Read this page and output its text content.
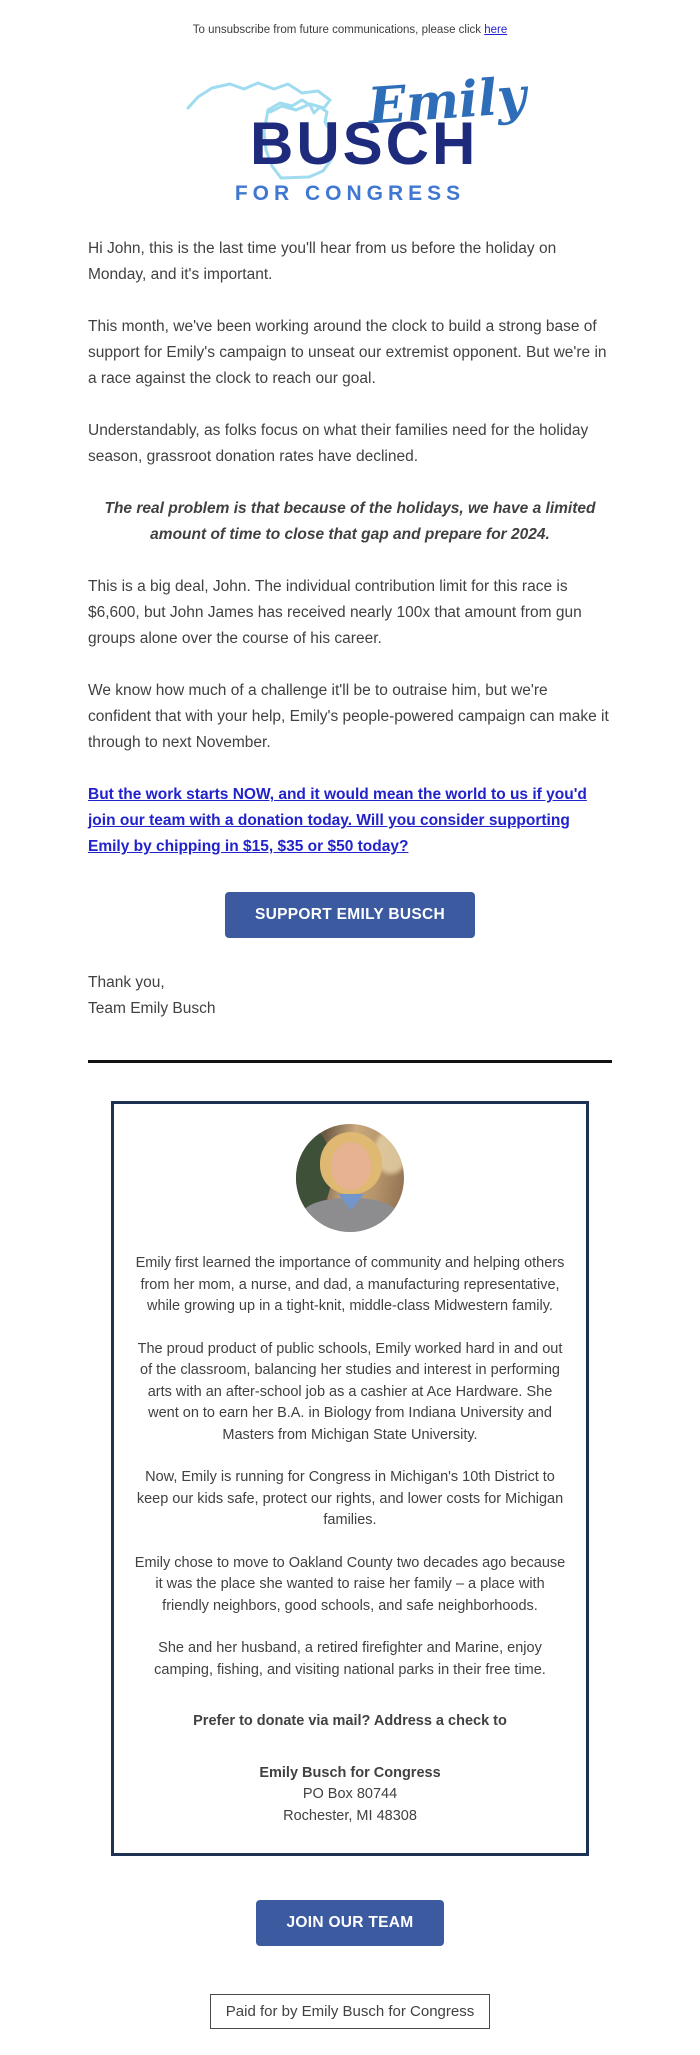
To unsubscribe from future communications, please click here
Emily
BUSCH
FOR CONGRESS

Hi John, this is the last time you'll hear from us before the holiday on Monday, and it's important.

This month, we've been working around the clock to build a strong base of support for Emily's campaign to unseat our extremist opponent. But we're in a race against the clock to reach our goal.

Understandably, as folks focus on what their families need for the holiday season, grassroot donation rates have declined.

The real problem is that because of the holidays, we have a limited amount of time to close that gap and prepare for 2024.

This is a big deal, John. The individual contribution limit for this race is $6,600, but John James has received nearly 100x that amount from gun groups alone over the course of his career.

We know how much of a challenge it'll be to outraise him, but we're confident that with your help, Emily's people-powered campaign can make it through to next November.

But the work starts NOW, and it would mean the world to us if you'd join our team with a donation today. Will you consider supporting Emily by chipping in $15, $35 or $50 today?

SUPPORT EMILY BUSCH
Thank you,
Team Emily Busch

Emily first learned the importance of community and helping others from her mom, a nurse, and dad, a manufacturing representative, while growing up in a tight-knit, middle-class Midwestern family.

The proud product of public schools, Emily worked hard in and out of the classroom, balancing her studies and interest in performing arts with an after-school job as a cashier at Ace Hardware. She went on to earn her B.A. in Biology from Indiana University and Masters from Michigan State University.

Now, Emily is running for Congress in Michigan's 10th District to keep our kids safe, protect our rights, and lower costs for Michigan families.

Emily chose to move to Oakland County two decades ago because it was the place she wanted to raise her family – a place with friendly neighbors, good schools, and safe neighborhoods.

She and her husband, a retired firefighter and Marine, enjoy camping, fishing, and visiting national parks in their free time.

Prefer to donate via mail? Address a check to

Emily Busch for Congress
PO Box 80744
Rochester, MI 48308
JOIN OUR TEAM
Paid for by Emily Busch for Congress
